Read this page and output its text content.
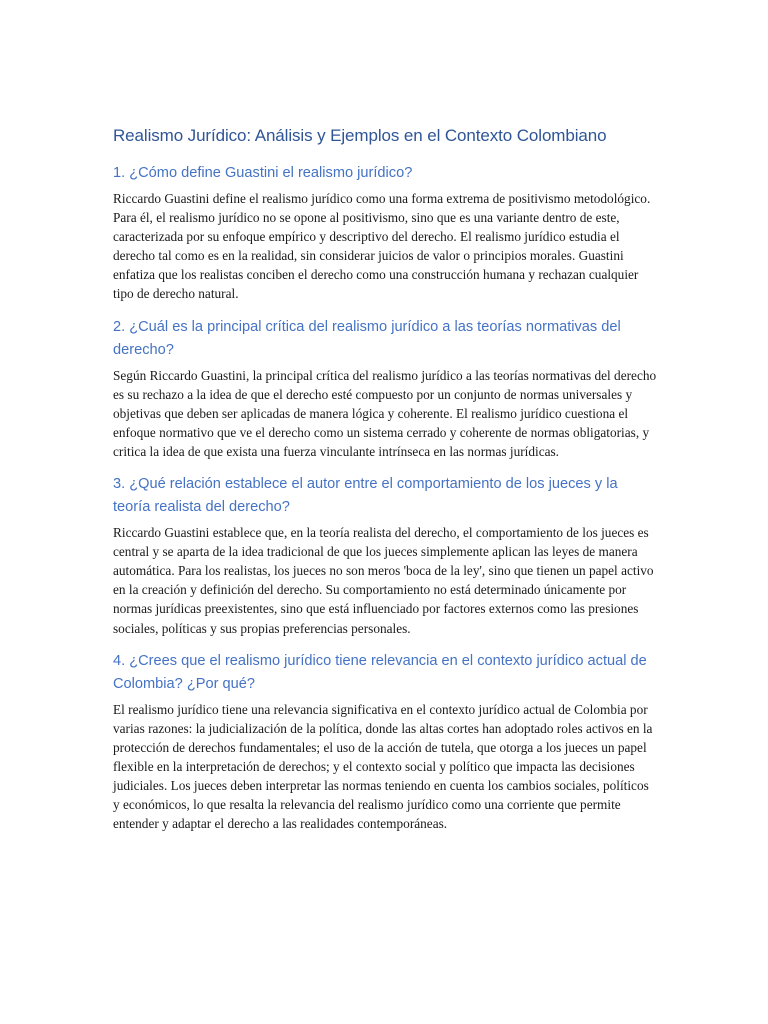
Realismo Jurídico: Análisis y Ejemplos en el Contexto Colombiano
1. ¿Cómo define Guastini el realismo jurídico?

Riccardo Guastini define el realismo jurídico como una forma extrema de positivismo metodológico. Para él, el realismo jurídico no se opone al positivismo, sino que es una variante dentro de este, caracterizada por su enfoque empírico y descriptivo del derecho. El realismo jurídico estudia el derecho tal como es en la realidad, sin considerar juicios de valor o principios morales. Guastini enfatiza que los realistas conciben el derecho como una construcción humana y rechazan cualquier tipo de derecho natural.

2. ¿Cuál es la principal crítica del realismo jurídico a las teorías normativas del derecho?

Según Riccardo Guastini, la principal crítica del realismo jurídico a las teorías normativas del derecho es su rechazo a la idea de que el derecho esté compuesto por un conjunto de normas universales y objetivas que deben ser aplicadas de manera lógica y coherente. El realismo jurídico cuestiona el enfoque normativo que ve el derecho como un sistema cerrado y coherente de normas obligatorias, y critica la idea de que exista una fuerza vinculante intrínseca en las normas jurídicas.

3. ¿Qué relación establece el autor entre el comportamiento de los jueces y la teoría realista del derecho?

Riccardo Guastini establece que, en la teoría realista del derecho, el comportamiento de los jueces es central y se aparta de la idea tradicional de que los jueces simplemente aplican las leyes de manera automática. Para los realistas, los jueces no son meros 'boca de la ley', sino que tienen un papel activo en la creación y definición del derecho. Su comportamiento no está determinado únicamente por normas jurídicas preexistentes, sino que está influenciado por factores externos como las presiones sociales, políticas y sus propias preferencias personales.

4. ¿Crees que el realismo jurídico tiene relevancia en el contexto jurídico actual de Colombia? ¿Por qué?

El realismo jurídico tiene una relevancia significativa en el contexto jurídico actual de Colombia por varias razones: la judicialización de la política, donde las altas cortes han adoptado roles activos en la protección de derechos fundamentales; el uso de la acción de tutela, que otorga a los jueces un papel flexible en la interpretación de derechos; y el contexto social y político que impacta las decisiones judiciales. Los jueces deben interpretar las normas teniendo en cuenta los cambios sociales, políticos y económicos, lo que resalta la relevancia del realismo jurídico como una corriente que permite entender y adaptar el derecho a las realidades contemporáneas.
